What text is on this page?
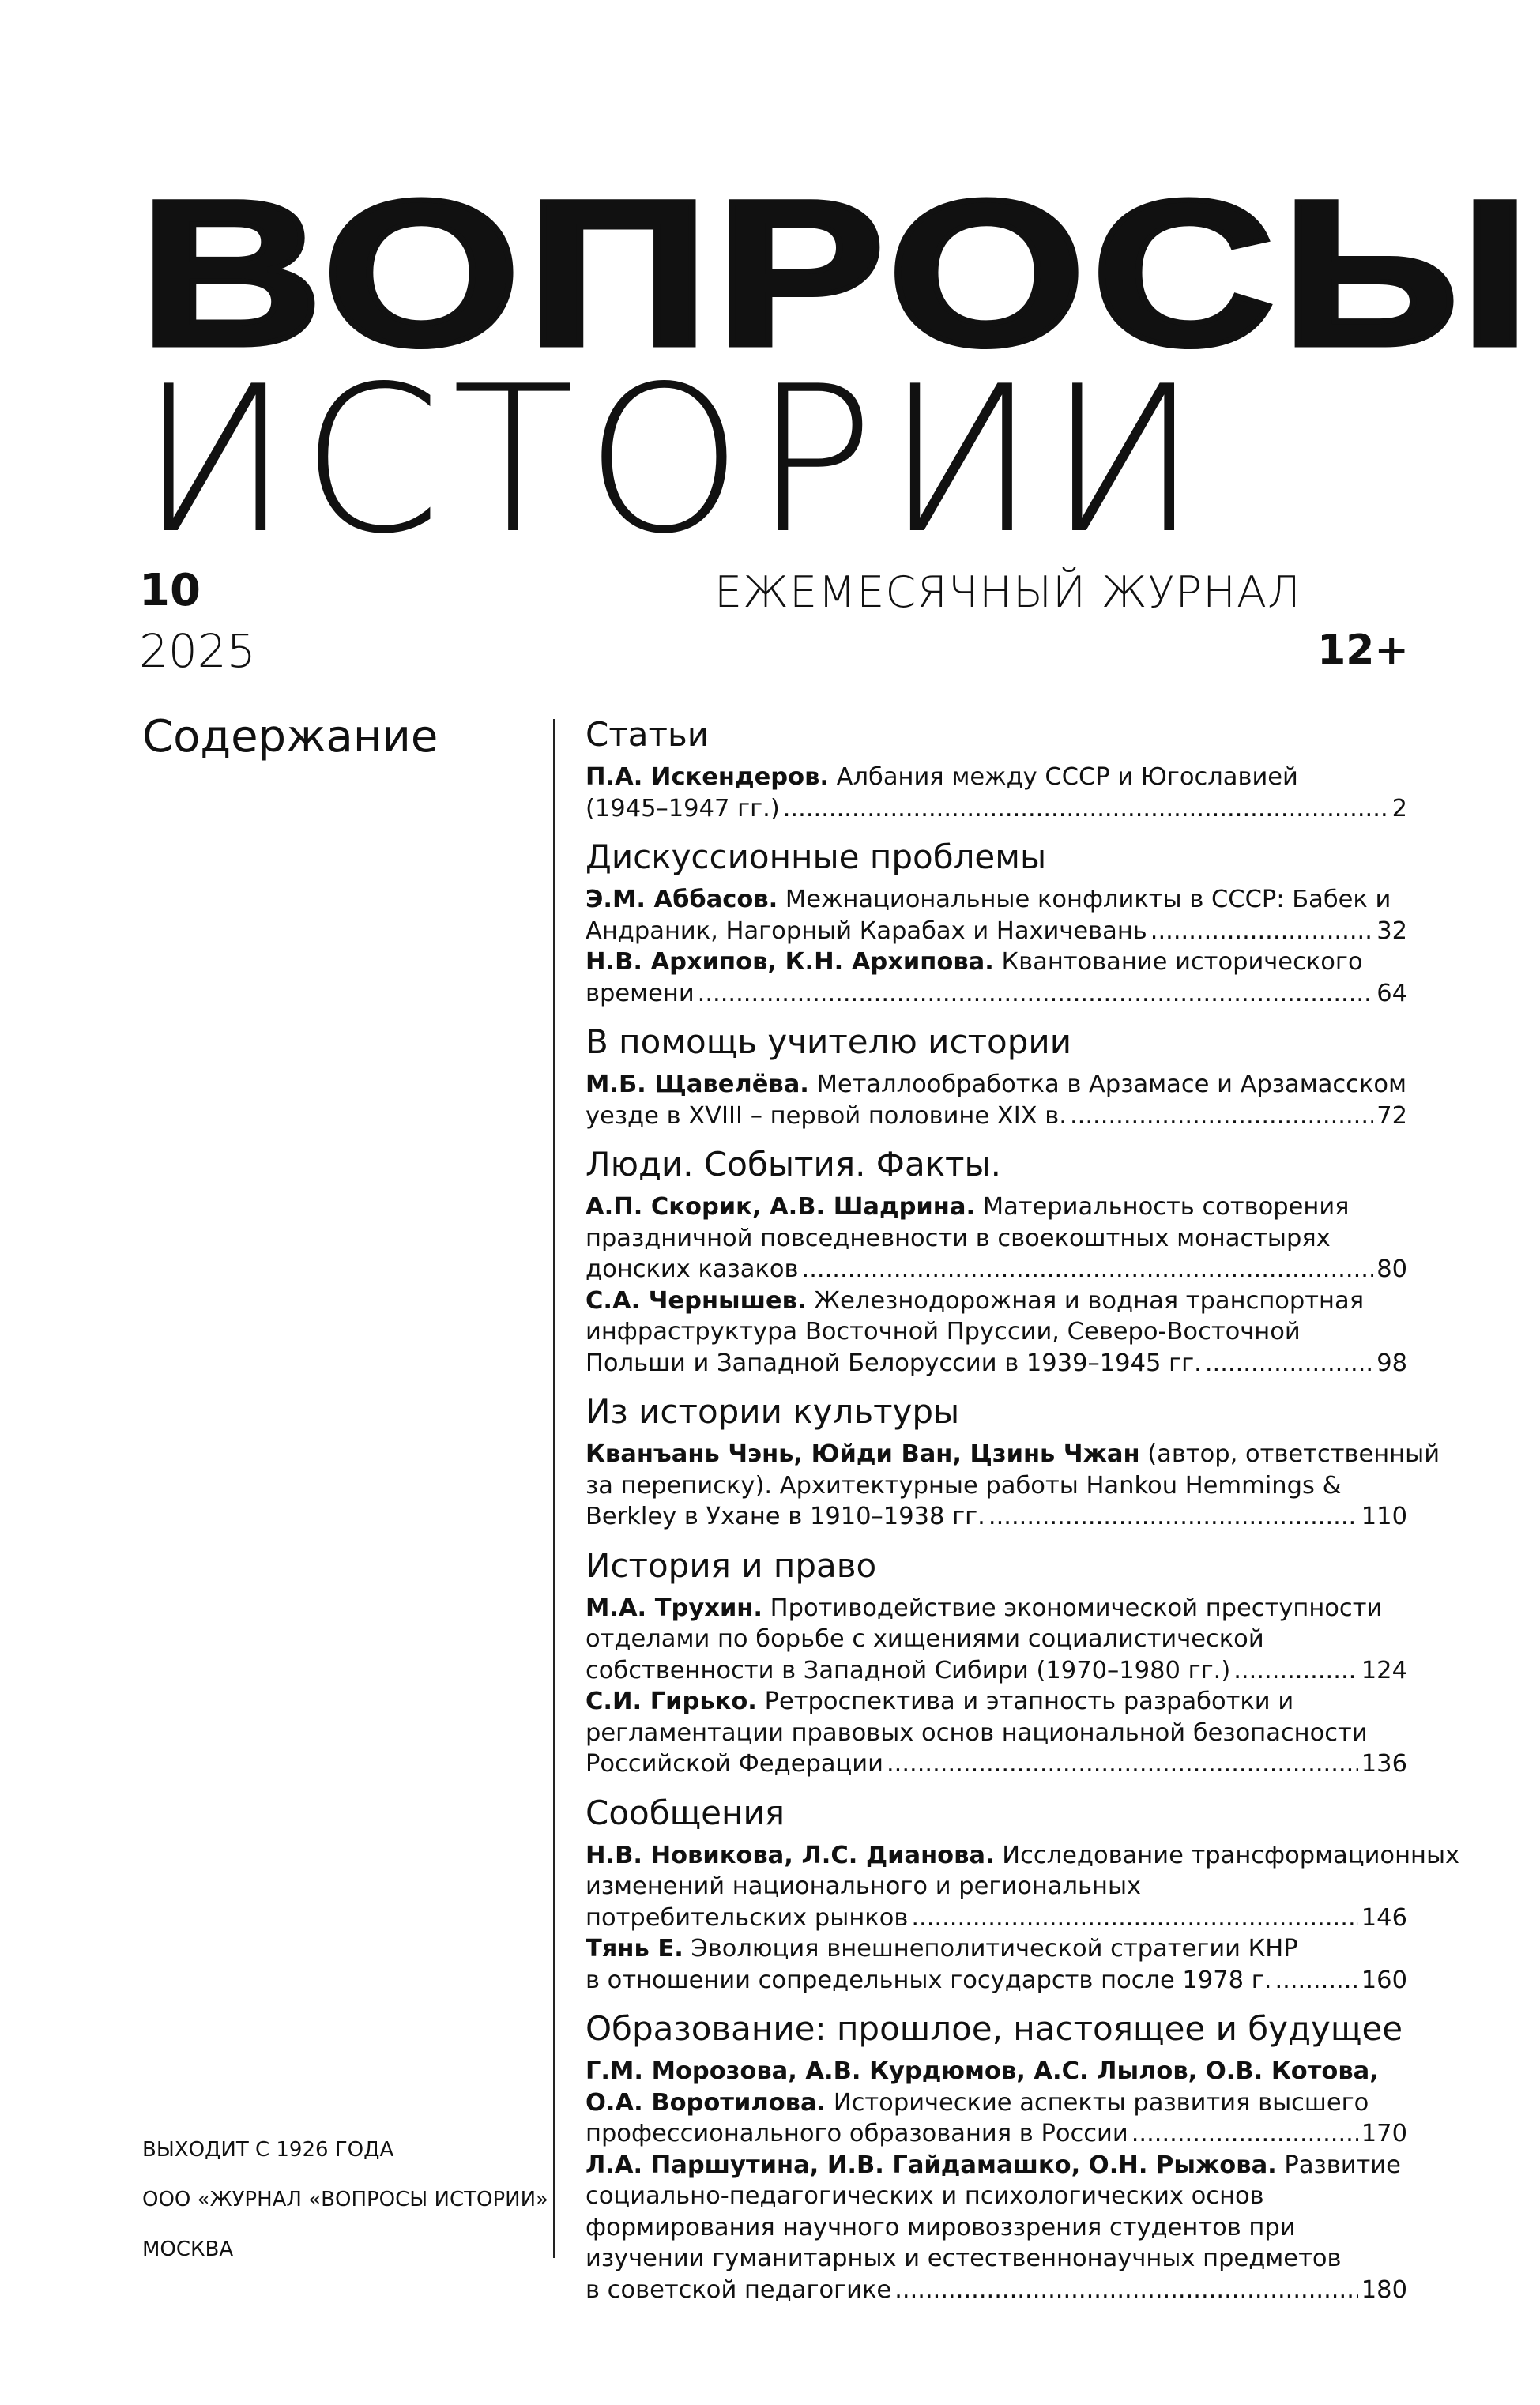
ВОПРОСЫ
ИСТОРИИ
10
2025
ЕЖЕМЕСЯЧНЫЙ ЖУРНАЛ
12+
Содержание	Статьи
П.А. Искендеров. Албания между СССР и Югославией
(1945–1947 гг.) .....	2
Дискуссионные проблемы
Э.М. Аббасов. Межнациональные конфликты в СССР: Бабек и
Андраник, Нагорный Карабах и Нахичевань .....	32
Н.В. Архипов, К.Н. Архипова. Квантование исторического
времени .....	64
В помощь учителю истории
М.Б. Щавелёва. Металлообработка в Арзамасе и Арзамасском
уезде в XVIII – первой половине XIX в. .....	72
Люди. События. Факты.
А.П. Скорик, А.В. Шадрина. Материальность сотворения
праздничной повседневности в своекоштных монастырях
донских казаков .....	80
С.А. Чернышев. Железнодорожная и водная транспортная
инфраструктура Восточной Пруссии, Северо-Восточной
Польши и Западной Белоруссии в 1939–1945 гг. .....	98
Из истории культуры
Кванъань Чэнь, Юйди Ван, Цзинь Чжан (автор, ответственный
за переписку). Архитектурные работы Hankou Hemmings &
Berkley в Ухане в 1910–1938 гг. .....	110
История и право
М.А. Трухин. Противодействие экономической преступности
отделами по борьбе с хищениями социалистической
собственности в Западной Сибири (1970–1980 гг.) .....	124
С.И. Гирько. Ретроспектива и этапность разработки и
регламентации правовых основ национальной безопасности
Российской Федерации .....	136
Сообщения
Н.В. Новикова, Л.С. Дианова. Исследование трансформационных
изменений национального и региональных
потребительских рынков .....	146
Тянь Е. Эволюция внешнеполитической стратегии КНР
в отношении сопредельных государств после 1978 г. .....	160
Образование: прошлое, настоящее и будущее
Г.М. Морозова, А.В. Курдюмов, А.С. Лылов, О.В. Котова,
О.А. Воротилова. Исторические аспекты развития высшего
профессионального образования в России .....	170
Л.А. Паршутина, И.В. Гайдамашко, О.Н. Рыжова. Развитие
социально-педагогических и психологических основ
формирования научного мировоззрения студентов при
изучении гуманитарных и естественнонаучных предметов
в советской педагогике .....	180
ВЫХОДИТ С 1926 ГОДА
ООО «ЖУРНАЛ «ВОПРОСЫ ИСТОРИИ»
МОСКВА
